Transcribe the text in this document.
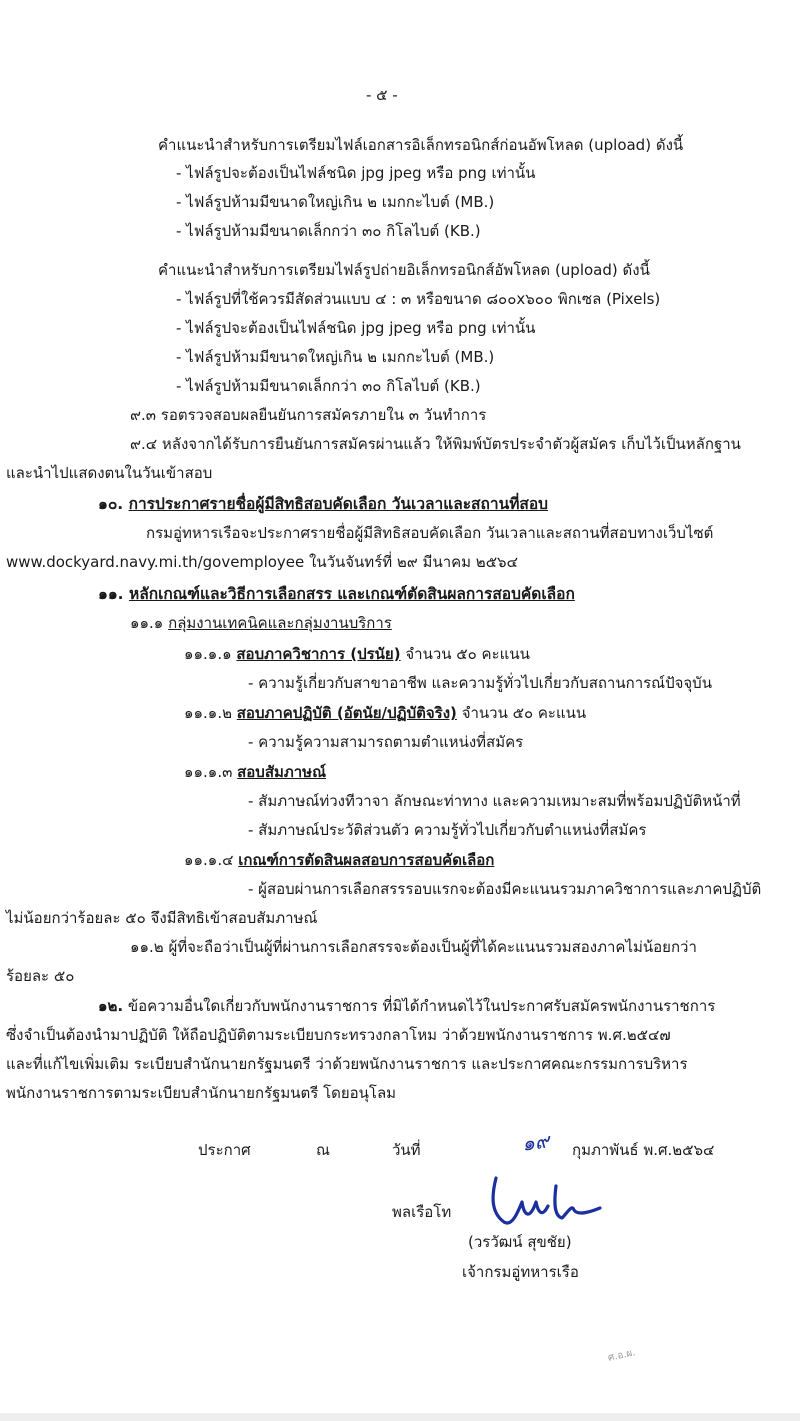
- ๕ -
คำแนะนำสำหรับการเตรียมไฟล์เอกสารอิเล็กทรอนิกส์ก่อนอัพโหลด (upload) ดังนี้
- ไฟล์รูปจะต้องเป็นไฟล์ชนิด jpg jpeg หรือ png เท่านั้น
- ไฟล์รูปห้ามมีขนาดใหญ่เกิน ๒ เมกกะไบต์ (MB.)
- ไฟล์รูปห้ามมีขนาดเล็กกว่า ๓๐ กิโลไบต์ (KB.)
คำแนะนำสำหรับการเตรียมไฟล์รูปถ่ายอิเล็กทรอนิกส์อัพโหลด (upload) ดังนี้
- ไฟล์รูปที่ใช้ควรมีสัดส่วนแบบ ๔ : ๓ หรือขนาด ๘๐๐x๖๐๐ พิกเซล (Pixels)
- ไฟล์รูปจะต้องเป็นไฟล์ชนิด jpg jpeg หรือ png เท่านั้น
- ไฟล์รูปห้ามมีขนาดใหญ่เกิน ๒ เมกกะไบต์ (MB.)
- ไฟล์รูปห้ามมีขนาดเล็กกว่า ๓๐ กิโลไบต์ (KB.)
๙.๓ รอตรวจสอบผลยืนยันการสมัครภายใน ๓ วันทำการ
๙.๔ หลังจากได้รับการยืนยันการสมัครผ่านแล้ว ให้พิมพ์บัตรประจำตัวผู้สมัคร เก็บไว้เป็นหลักฐาน
และนำไปแสดงตนในวันเข้าสอบ
๑๐. การประกาศรายชื่อผู้มีสิทธิสอบคัดเลือก วันเวลาและสถานที่สอบ
กรมอู่ทหารเรือจะประกาศรายชื่อผู้มีสิทธิสอบคัดเลือก วันเวลาและสถานที่สอบทางเว็บไซต์
www.dockyard.navy.mi.th/govemployee ในวันจันทร์ที่ ๒๙ มีนาคม ๒๕๖๔
๑๑. หลักเกณฑ์และวิธีการเลือกสรร และเกณฑ์ตัดสินผลการสอบคัดเลือก
๑๑.๑ กลุ่มงานเทคนิคและกลุ่มงานบริการ
๑๑.๑.๑ สอบภาควิชาการ (ปรนัย) จำนวน ๕๐ คะแนน
- ความรู้เกี่ยวกับสาขาอาชีพ และความรู้ทั่วไปเกี่ยวกับสถานการณ์ปัจจุบัน
๑๑.๑.๒ สอบภาคปฏิบัติ (อัตนัย/ปฏิบัติจริง) จำนวน ๕๐ คะแนน
- ความรู้ความสามารถตามตำแหน่งที่สมัคร
๑๑.๑.๓ สอบสัมภาษณ์
- สัมภาษณ์ท่วงทีวาจา ลักษณะท่าทาง และความเหมาะสมที่พร้อมปฏิบัติหน้าที่
- สัมภาษณ์ประวัติส่วนตัว ความรู้ทั่วไปเกี่ยวกับตำแหน่งที่สมัคร
๑๑.๑.๔ เกณฑ์การตัดสินผลสอบการสอบคัดเลือก
- ผู้สอบผ่านการเลือกสรรรอบแรกจะต้องมีคะแนนรวมภาควิชาการและภาคปฏิบัติ
ไม่น้อยกว่าร้อยละ ๕๐ จึงมีสิทธิเข้าสอบสัมภาษณ์
๑๑.๒ ผู้ที่จะถือว่าเป็นผู้ที่ผ่านการเลือกสรรจะต้องเป็นผู้ที่ได้คะแนนรวมสองภาคไม่น้อยกว่า
ร้อยละ ๕๐
๑๒. ข้อความอื่นใดเกี่ยวกับพนักงานราชการ ที่มิได้กำหนดไว้ในประกาศรับสมัครพนักงานราชการ
ซึ่งจำเป็นต้องนำมาปฏิบัติ ให้ถือปฏิบัติตามระเบียบกระทรวงกลาโหม ว่าด้วยพนักงานราชการ พ.ศ.๒๕๔๗
และที่แก้ไขเพิ่มเติม ระเบียบสำนักนายกรัฐมนตรี ว่าด้วยพนักงานราชการ และประกาศคณะกรรมการบริหาร
พนักงานราชการตามระเบียบสำนักนายกรัฐมนตรี โดยอนุโลม
ประกาศ	ณ	วันที่	๑๙ กุมภาพันธ์ พ.ศ.๒๕๖๔
พลเรือโท
(วรวัฒน์ สุขชัย)
เจ้ากรมอู่ทหารเรือ
ศ.อ.ผ.
